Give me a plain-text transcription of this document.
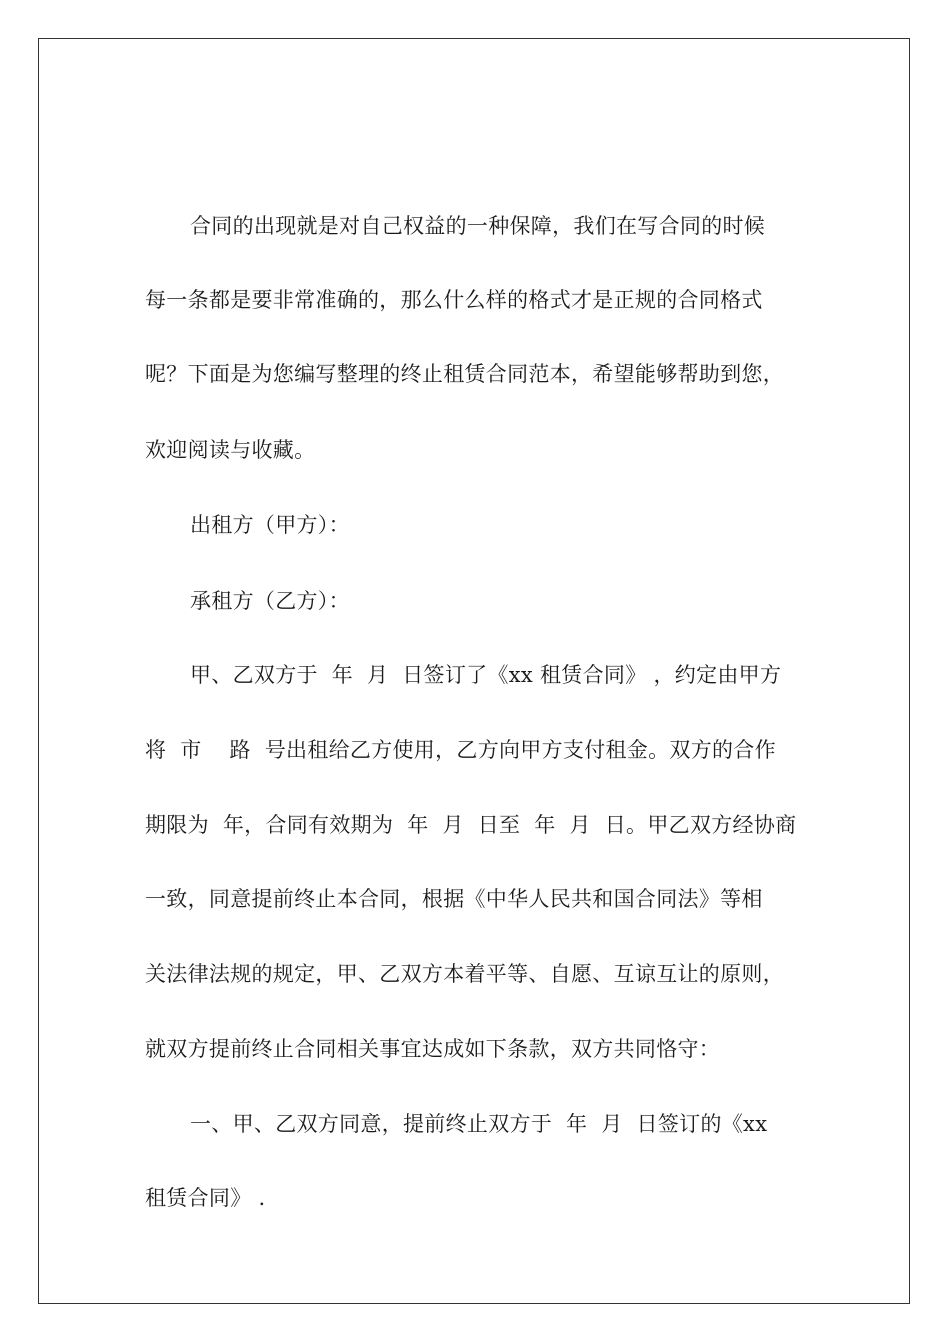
合同的出现就是对自己权益的一种保障，我们在写合同的时候
每一条都是要非常准确的，那么什么样的格式才是正规的合同格式
呢？下面是为您编写整理的终止租赁合同范本，希望能够帮助到您，
欢迎阅读与收藏。
出租方（甲方）：
承租方（乙方）：
甲、乙双方于  年  月  日签订了《xx 租赁合同》 ，约定由甲方
将  市    路  号出租给乙方使用，乙方向甲方支付租金。双方的合作
期限为  年，合同有效期为  年  月  日至  年  月  日。甲乙双方经协商
一致，同意提前终止本合同，根据《中华人民共和国合同法》等相
关法律法规的规定，甲、乙双方本着平等、自愿、互谅互让的原则，
就双方提前终止合同相关事宜达成如下条款，双方共同恪守：
一、甲、乙双方同意，提前终止双方于  年  月  日签订的《xx
租赁合同》 .
